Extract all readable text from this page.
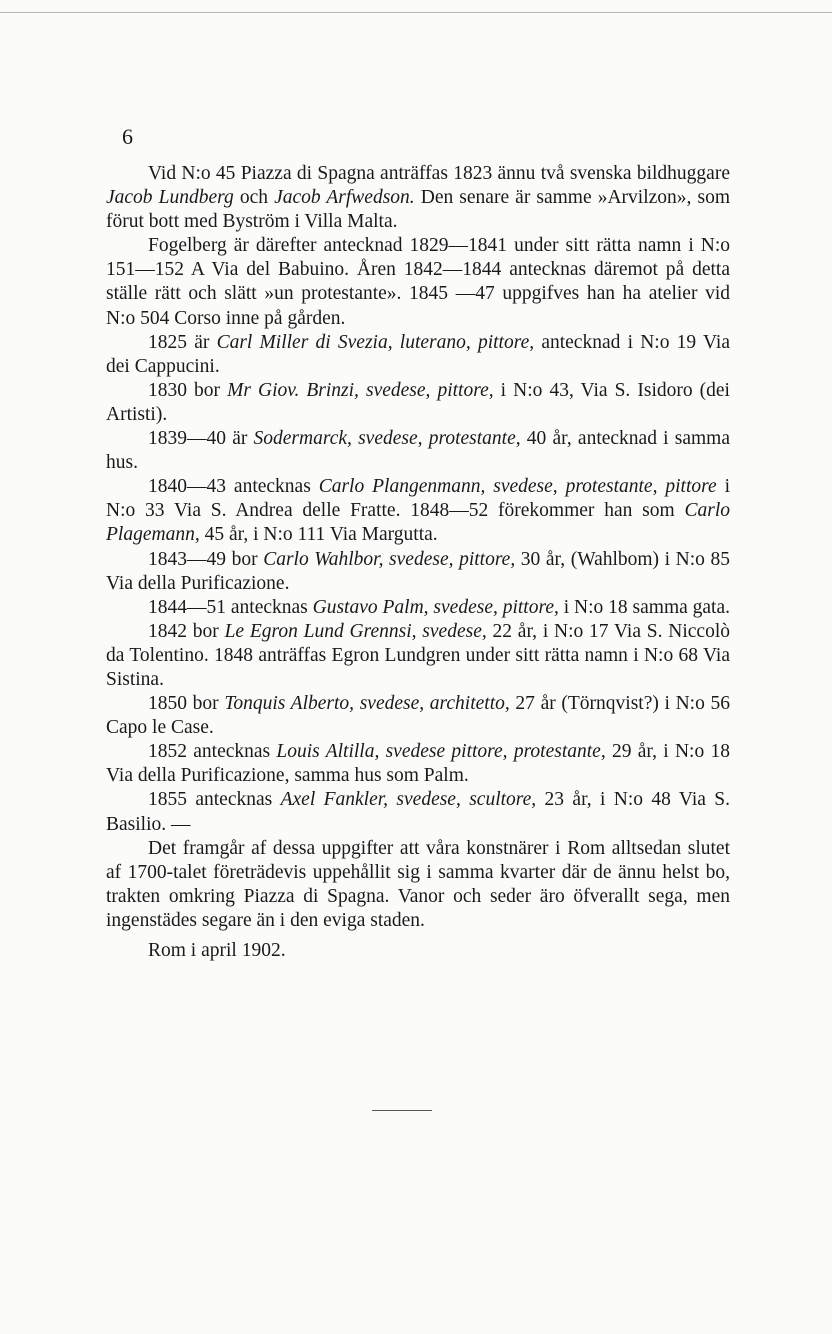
6

Vid N:o 45 Piazza di Spagna anträffas 1823 ännu två svenska bildhuggare Jacob Lundberg och Jacob Arfwedson. Den senare är samme »Arvilzon», som förut bott med Byström i Villa Malta.

Fogelberg är därefter antecknad 1829—1841 under sitt rätta namn i N:o 151—152 A Via del Babuino. Åren 1842—1844 antecknas däremot på detta ställe rätt och slätt »un protestante». 1845 —47 uppgifves han ha atelier vid N:o 504 Corso inne på gården.

1825 är Carl Miller di Svezia, luterano, pittore, antecknad i N:o 19 Via dei Cappucini.

1830 bor Mr Giov. Brinzi, svedese, pittore, i N:o 43, Via S. Isidoro (dei Artisti).

1839—40 är Sodermarck, svedese, protestante, 40 år, antecknad i samma hus.

1840—43 antecknas Carlo Plangenmann, svedese, protestante, pittore i N:o 33 Via S. Andrea delle Fratte. 1848—52 förekommer han som Carlo Plagemann, 45 år, i N:o 111 Via Margutta.

1843—49 bor Carlo Wahlbor, svedese, pittore, 30 år, (Wahlbom) i N:o 85 Via della Purificazione.

1844—51 antecknas Gustavo Palm, svedese, pittore, i N:o 18 samma gata.

1842 bor Le Egron Lund Grennsi, svedese, 22 år, i N:o 17 Via S. Niccolò da Tolentino. 1848 anträffas Egron Lundgren under sitt rätta namn i N:o 68 Via Sistina.

1850 bor Tonquis Alberto, svedese, architetto, 27 år (Törnqvist?) i N:o 56 Capo le Case.

1852 antecknas Louis Altilla, svedese pittore, protestante, 29 år, i N:o 18 Via della Purificazione, samma hus som Palm.

1855 antecknas Axel Fankler, svedese, scultore, 23 år, i N:o 48 Via S. Basilio. —

Det framgår af dessa uppgifter att våra konstnärer i Rom alltsedan slutet af 1700-talet företrädevis uppehållit sig i samma kvarter där de ännu helst bo, trakten omkring Piazza di Spagna. Vanor och seder äro öfverallt sega, men ingenstädes segare än i den eviga staden.

Rom i april 1902.
